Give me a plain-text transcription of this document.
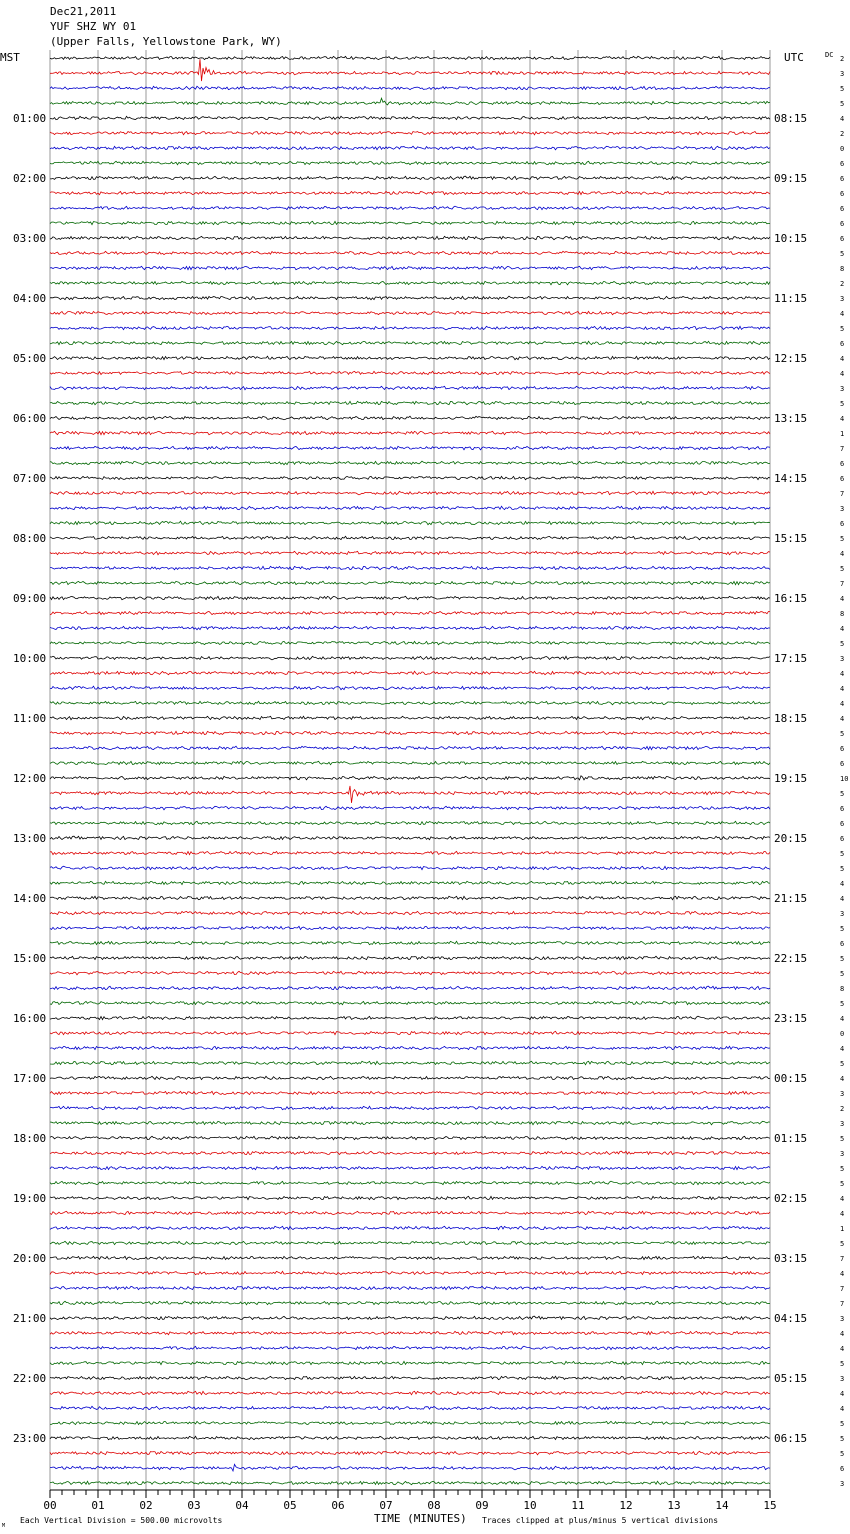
Dec21,2011
YUF SHZ WY 01
(Upper Falls, Yellowstone Park, WY)
MST	UTC	DC
01:00
02:00
03:00
04:00
05:00
06:00
07:00
08:00
09:00
10:00
11:00
12:00
13:00
14:00
15:00
16:00
17:00
18:00
19:00
20:00
21:00
22:00
23:00
08:15
09:15
10:15
11:15
12:15
13:15
14:15
15:15
16:15
17:15
18:15
19:15
20:15
21:15
22:15
23:15
00:15
01:15
02:15
03:15
04:15
05:15
06:15
2
3
5
5
4
2
0
6
6
6
6
6
6
5
8
2
3
4
5
6
4
4
3
5
4
1
7
6
6
7
3
6
5
4
5
7
4
8
4
5
3
4
4
4
4
5
6
6
10
5
6
6
6
5
5
4
4
3
5
6
5
5
8
5
4
0
4
5
4
3
2
3
5
3
5
5
4
4
1
5
7
4
7
7
3
4
4
5
3
4
4
5
5
5
6
3
00	01	02	03	04	05	06	07	08	09	10	11	12	13	14	15
TIME (MINUTES)
Each Vertical Division = 500.00 microvolts	Traces clipped at plus/minus 5 vertical divisions
M
